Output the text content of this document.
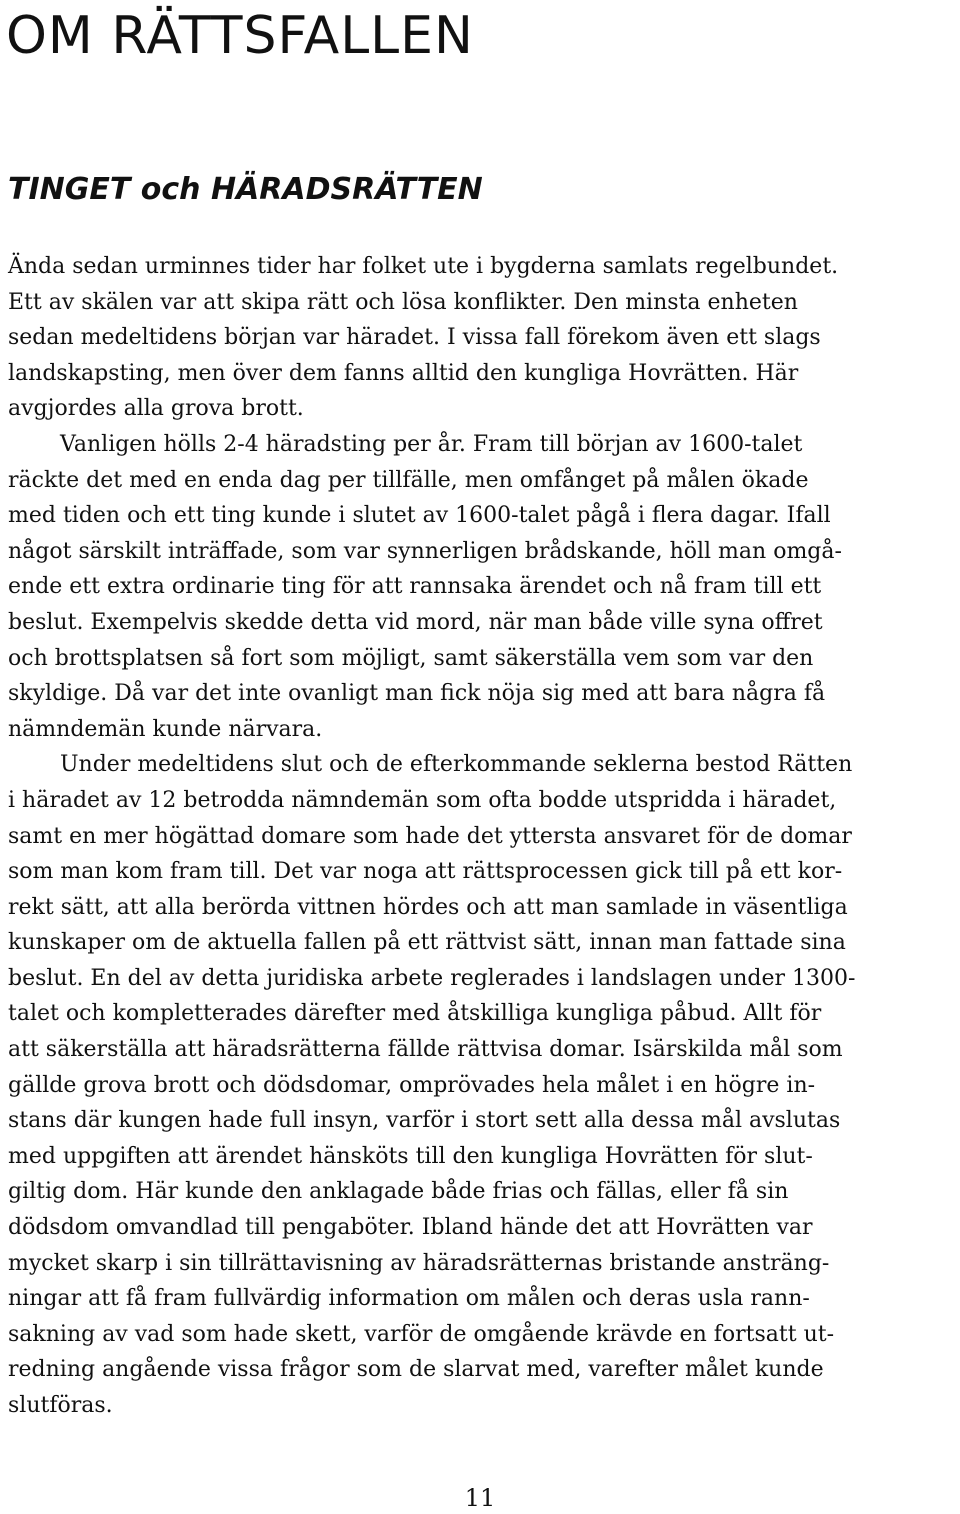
OM RÄTTSFALLEN
TINGET och HÄRADSRÄTTEN
Ända sedan urminnes tider har folket ute i bygderna samlats regelbundet.
Ett av skälen var att skipa rätt och lösa konflikter. Den minsta enheten
sedan medeltidens början var häradet. I vissa fall förekom även ett slags
landskapsting, men över dem fanns alltid den kungliga Hovrätten. Här
avgjordes alla grova brott.
Vanligen hölls 2-4 häradsting per år. Fram till början av 1600-talet
räckte det med en enda dag per tillfälle, men omfånget på målen ökade
med tiden och ett ting kunde i slutet av 1600-talet pågå i flera dagar. Ifall
något särskilt inträffade, som var synnerligen brådskande, höll man omgå-
ende ett extra ordinarie ting för att rannsaka ärendet och nå fram till ett
beslut. Exempelvis skedde detta vid mord, när man både ville syna offret
och brottsplatsen så fort som möjligt, samt säkerställa vem som var den
skyldige. Då var det inte ovanligt man fick nöja sig med att bara några få
nämndemän kunde närvara.
Under medeltidens slut och de efterkommande seklerna bestod Rätten
i häradet av 12 betrodda nämndemän som ofta bodde utspridda i häradet,
samt en mer högättad domare som hade det yttersta ansvaret för de domar
som man kom fram till. Det var noga att rättsprocessen gick till på ett kor-
rekt sätt, att alla berörda vittnen hördes och att man samlade in väsentliga
kunskaper om de aktuella fallen på ett rättvist sätt, innan man fattade sina
beslut. En del av detta juridiska arbete reglerades i landslagen under 1300-
talet och kompletterades därefter med åtskilliga kungliga påbud. Allt för
att säkerställa att häradsrätterna fällde rättvisa domar. Isärskilda mål som
gällde grova brott och dödsdomar, omprövades hela målet i en högre in-
stans där kungen hade full insyn, varför i stort sett alla dessa mål avslutas
med uppgiften att ärendet hänsköts till den kungliga Hovrätten för slut-
giltig dom. Här kunde den anklagade både frias och fällas, eller få sin
dödsdom omvandlad till pengaböter. Ibland hände det att Hovrätten var
mycket skarp i sin tillrättavisning av häradsrätternas bristande ansträng-
ningar att få fram fullvärdig information om målen och deras usla rann-
sakning av vad som hade skett, varför de omgående krävde en fortsatt ut-
redning angående vissa frågor som de slarvat med, varefter målet kunde
slutföras.
11
